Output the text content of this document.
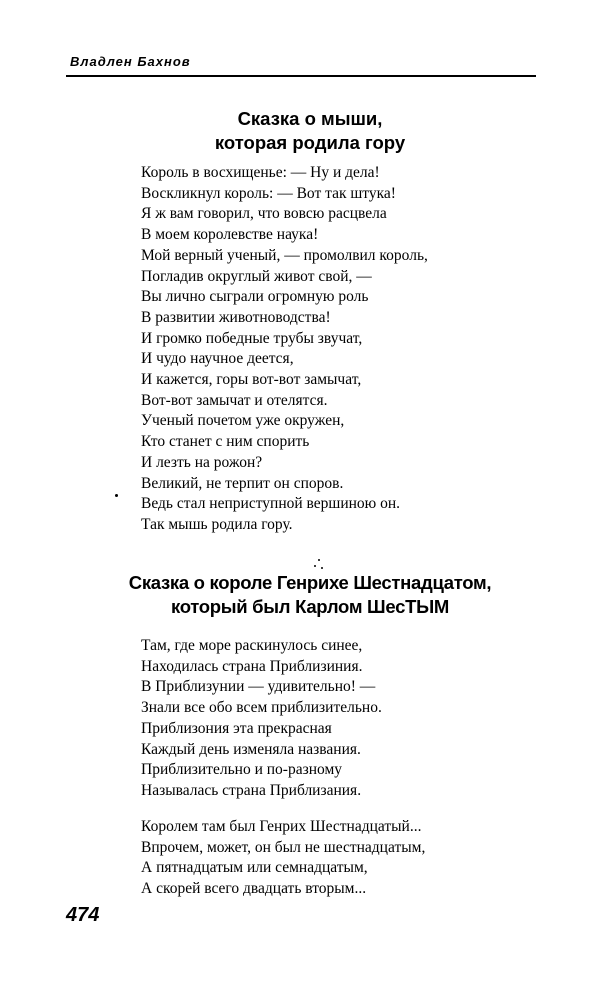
Владлен Бахнов
Сказка о мыши,
которая родила гору
Король в восхищенье: — Ну и дела!
Воскликнул король: — Вот так штука!
Я ж вам говорил, что вовсю расцвела
В моем королевстве наука!
Мой верный ученый, — промолвил король,
Погладив округлый живот свой, —
Вы лично сыграли огромную роль
В развитии животноводства!
И громко победные трубы звучат,
И чудо научное деется,
И кажется, горы вот-вот замычат,
Вот-вот замычат и отелятся.
Ученый почетом уже окружен,
Кто станет с ним спорить
И лезть на рожон?
Великий, не терпит он споров.
Ведь стал неприступной вершиною он.
Так мышь родила гору.
Сказка о короле Генрихе Шестнадцатом,
который был Карлом ШесТЫМ
Там, где море раскинулось синее,
Находилась страна Приблизиния.
В Приблизунии — удивительно! —
Знали все обо всем приблизительно.
Приблизония эта прекрасная
Каждый день изменяла названия.
Приблизительно и по-разному
Называлась страна Приблизания.
Королем там был Генрих Шестнадцатый...
Впрочем, может, он был не шестнадцатым,
А пятнадцатым или семнадцатым,
А скорей всего двадцать вторым...
474
